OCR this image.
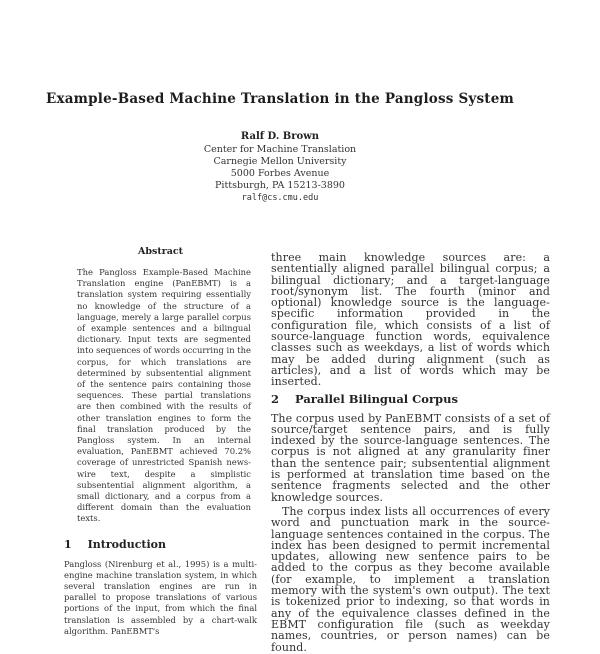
Example-Based Machine Translation in the Pangloss System
Ralf D. Brown
Center for Machine Translation
Carnegie Mellon University
5000 Forbes Avenue
Pittsburgh, PA 15213-3890
ralf@cs.cmu.edu
Abstract

The Pangloss Example-Based Machine Translation engine (PanEBMT) is a translation system requiring essentially no knowledge of the structure of a language, merely a large parallel corpus of example sentences and a bilingual dictionary. Input texts are segmented into sequences of words occurring in the corpus, for which translations are determined by subsentential alignment of the sentence pairs containing those sequences. These partial translations are then combined with the results of other translation engines to form the final translation produced by the Pangloss system. In an internal evaluation, PanEBMT achieved 70.2% coverage of unrestricted Spanish news-wire text, despite a simplistic subsentential alignment algorithm, a small dictionary, and a corpus from a different domain than the evaluation texts.

1 Introduction

Pangloss (Nirenburg et al., 1995) is a multi-engine machine translation system, in which several translation engines are run in parallel to propose translations of various portions of the input, from which the final translation is assembled by a chart-walk algorithm. PanEBMT's

three main knowledge sources are: a sententially aligned parallel bilingual corpus; a bilingual dictionary; and a target-language root/synonym list. The fourth (minor and optional) knowledge source is the language-specific information provided in the configuration file, which consists of a list of source-language function words, equivalence classes such as weekdays, a list of words which may be added during alignment (such as articles), and a list of words which may be inserted.

2 Parallel Bilingual Corpus

The corpus used by PanEBMT consists of a set of source/target sentence pairs, and is fully indexed by the source-language sentences. The corpus is not aligned at any granularity finer than the sentence pair; subsentential alignment is performed at translation time based on the sentence fragments selected and the other knowledge sources.

The corpus index lists all occurrences of every word and punctuation mark in the source-language sentences contained in the corpus. The index has been designed to permit incremental updates, allowing new sentence pairs to be added to the corpus as they become available (for example, to implement a translation memory with the system's own output). The text is tokenized prior to indexing, so that words in any of the equivalence classes defined in the EBMT configuration file (such as weekday names, countries, or person names) can be found.
